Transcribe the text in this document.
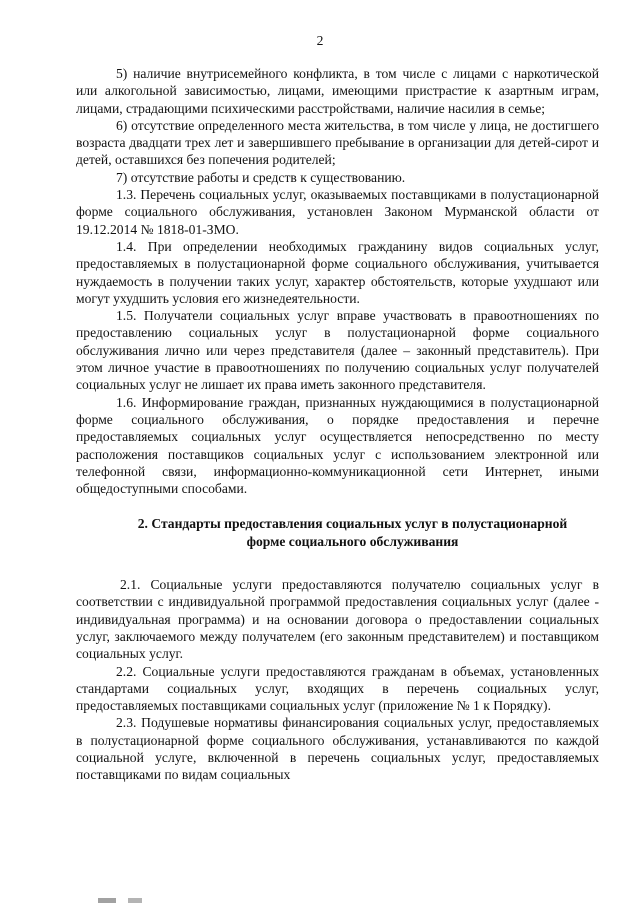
2

5) наличие внутрисемейного конфликта, в том числе с лицами с наркотической или алкогольной зависимостью, лицами, имеющими пристрастие к азартным играм, лицами, страдающими психическими расстройствами, наличие насилия в семье;

6) отсутствие определенного места жительства, в том числе у лица, не достигшего возраста двадцати трех лет и завершившего пребывание в организации для детей-сирот и детей, оставшихся без попечения родителей;

7) отсутствие работы и средств к существованию.

1.3. Перечень социальных услуг, оказываемых поставщиками в полустационарной форме социального обслуживания, установлен Законом Мурманской области от 19.12.2014 № 1818-01-ЗМО.

1.4. При определении необходимых гражданину видов социальных услуг, предоставляемых в полустационарной форме социального обслуживания, учитывается нуждаемость в получении таких услуг, характер обстоятельств, которые ухудшают или могут ухудшить условия его жизнедеятельности.

1.5. Получатели социальных услуг вправе участвовать в правоотношениях по предоставлению социальных услуг в полустационарной форме социального обслуживания лично или через представителя (далее – законный представитель). При этом личное участие в правоотношениях по получению социальных услуг получателей социальных услуг не лишает их права иметь законного представителя.

1.6. Информирование граждан, признанных нуждающимися в полустационарной форме социального обслуживания, о порядке предоставления и перечне предоставляемых социальных услуг осуществляется непосредственно по месту расположения поставщиков социальных услуг с использованием электронной или телефонной связи, информационно-коммуникационной сети Интернет, иными общедоступными способами.

2. Стандарты предоставления социальных услуг в полустационарной
форме социального обслуживания

2.1. Социальные услуги предоставляются получателю социальных услуг в соответствии с индивидуальной программой предоставления социальных услуг (далее - индивидуальная программа) и на основании договора о предоставлении социальных услуг, заключаемого между получателем (его законным представителем) и поставщиком социальных услуг.

2.2. Социальные услуги предоставляются гражданам в объемах, установленных стандартами социальных услуг, входящих в перечень социальных услуг, предоставляемых поставщиками социальных услуг (приложение № 1 к Порядку).

2.3. Подушевые нормативы финансирования социальных услуг, предоставляемых в полустационарной форме социального обслуживания, устанавливаются по каждой социальной услуге, включенной в перечень социальных услуг, предоставляемых поставщиками по видам социальных
